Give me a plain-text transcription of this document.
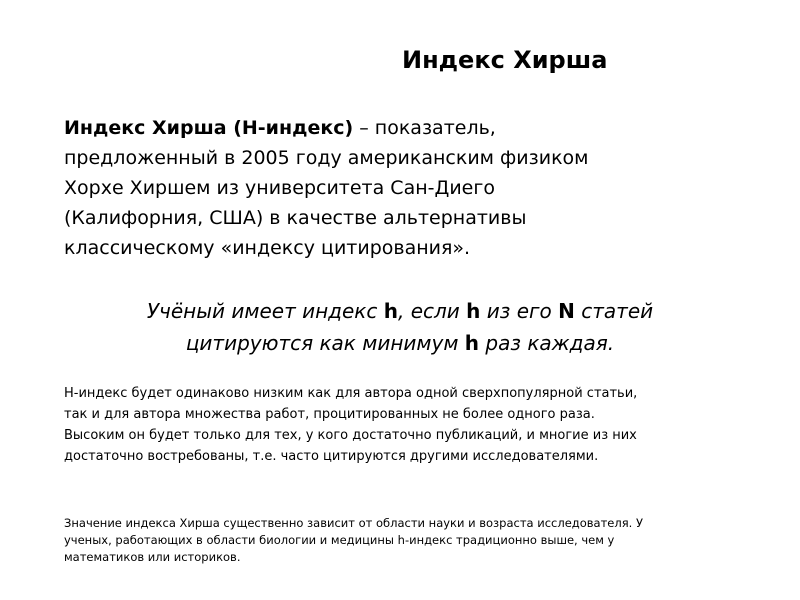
Индекс Хирша

Индекс Хирша (H-индекс) – показатель,
предложенный в 2005 году американским физиком
Хорхе Хиршем из университета Сан-Диего
(Калифорния, США) в качестве альтернативы
классическому «индексу цитирования».

Учёный имеет индекс h, если h из его N статей
цитируются как минимум h раз каждая.

H-индекс будет одинаково низким как для автора одной сверхпопулярной статьи,
так и для автора множества работ, процитированных не более одного раза.
Высоким он будет только для тех, у кого достаточно публикаций, и многие из них
достаточно востребованы, т.е. часто цитируются другими исследователями.

Значение индекса Хирша существенно зависит от области науки и возраста исследователя. У
ученых, работающих в области биологии и медицины h-индекс традиционно выше, чем у
математиков или историков.
